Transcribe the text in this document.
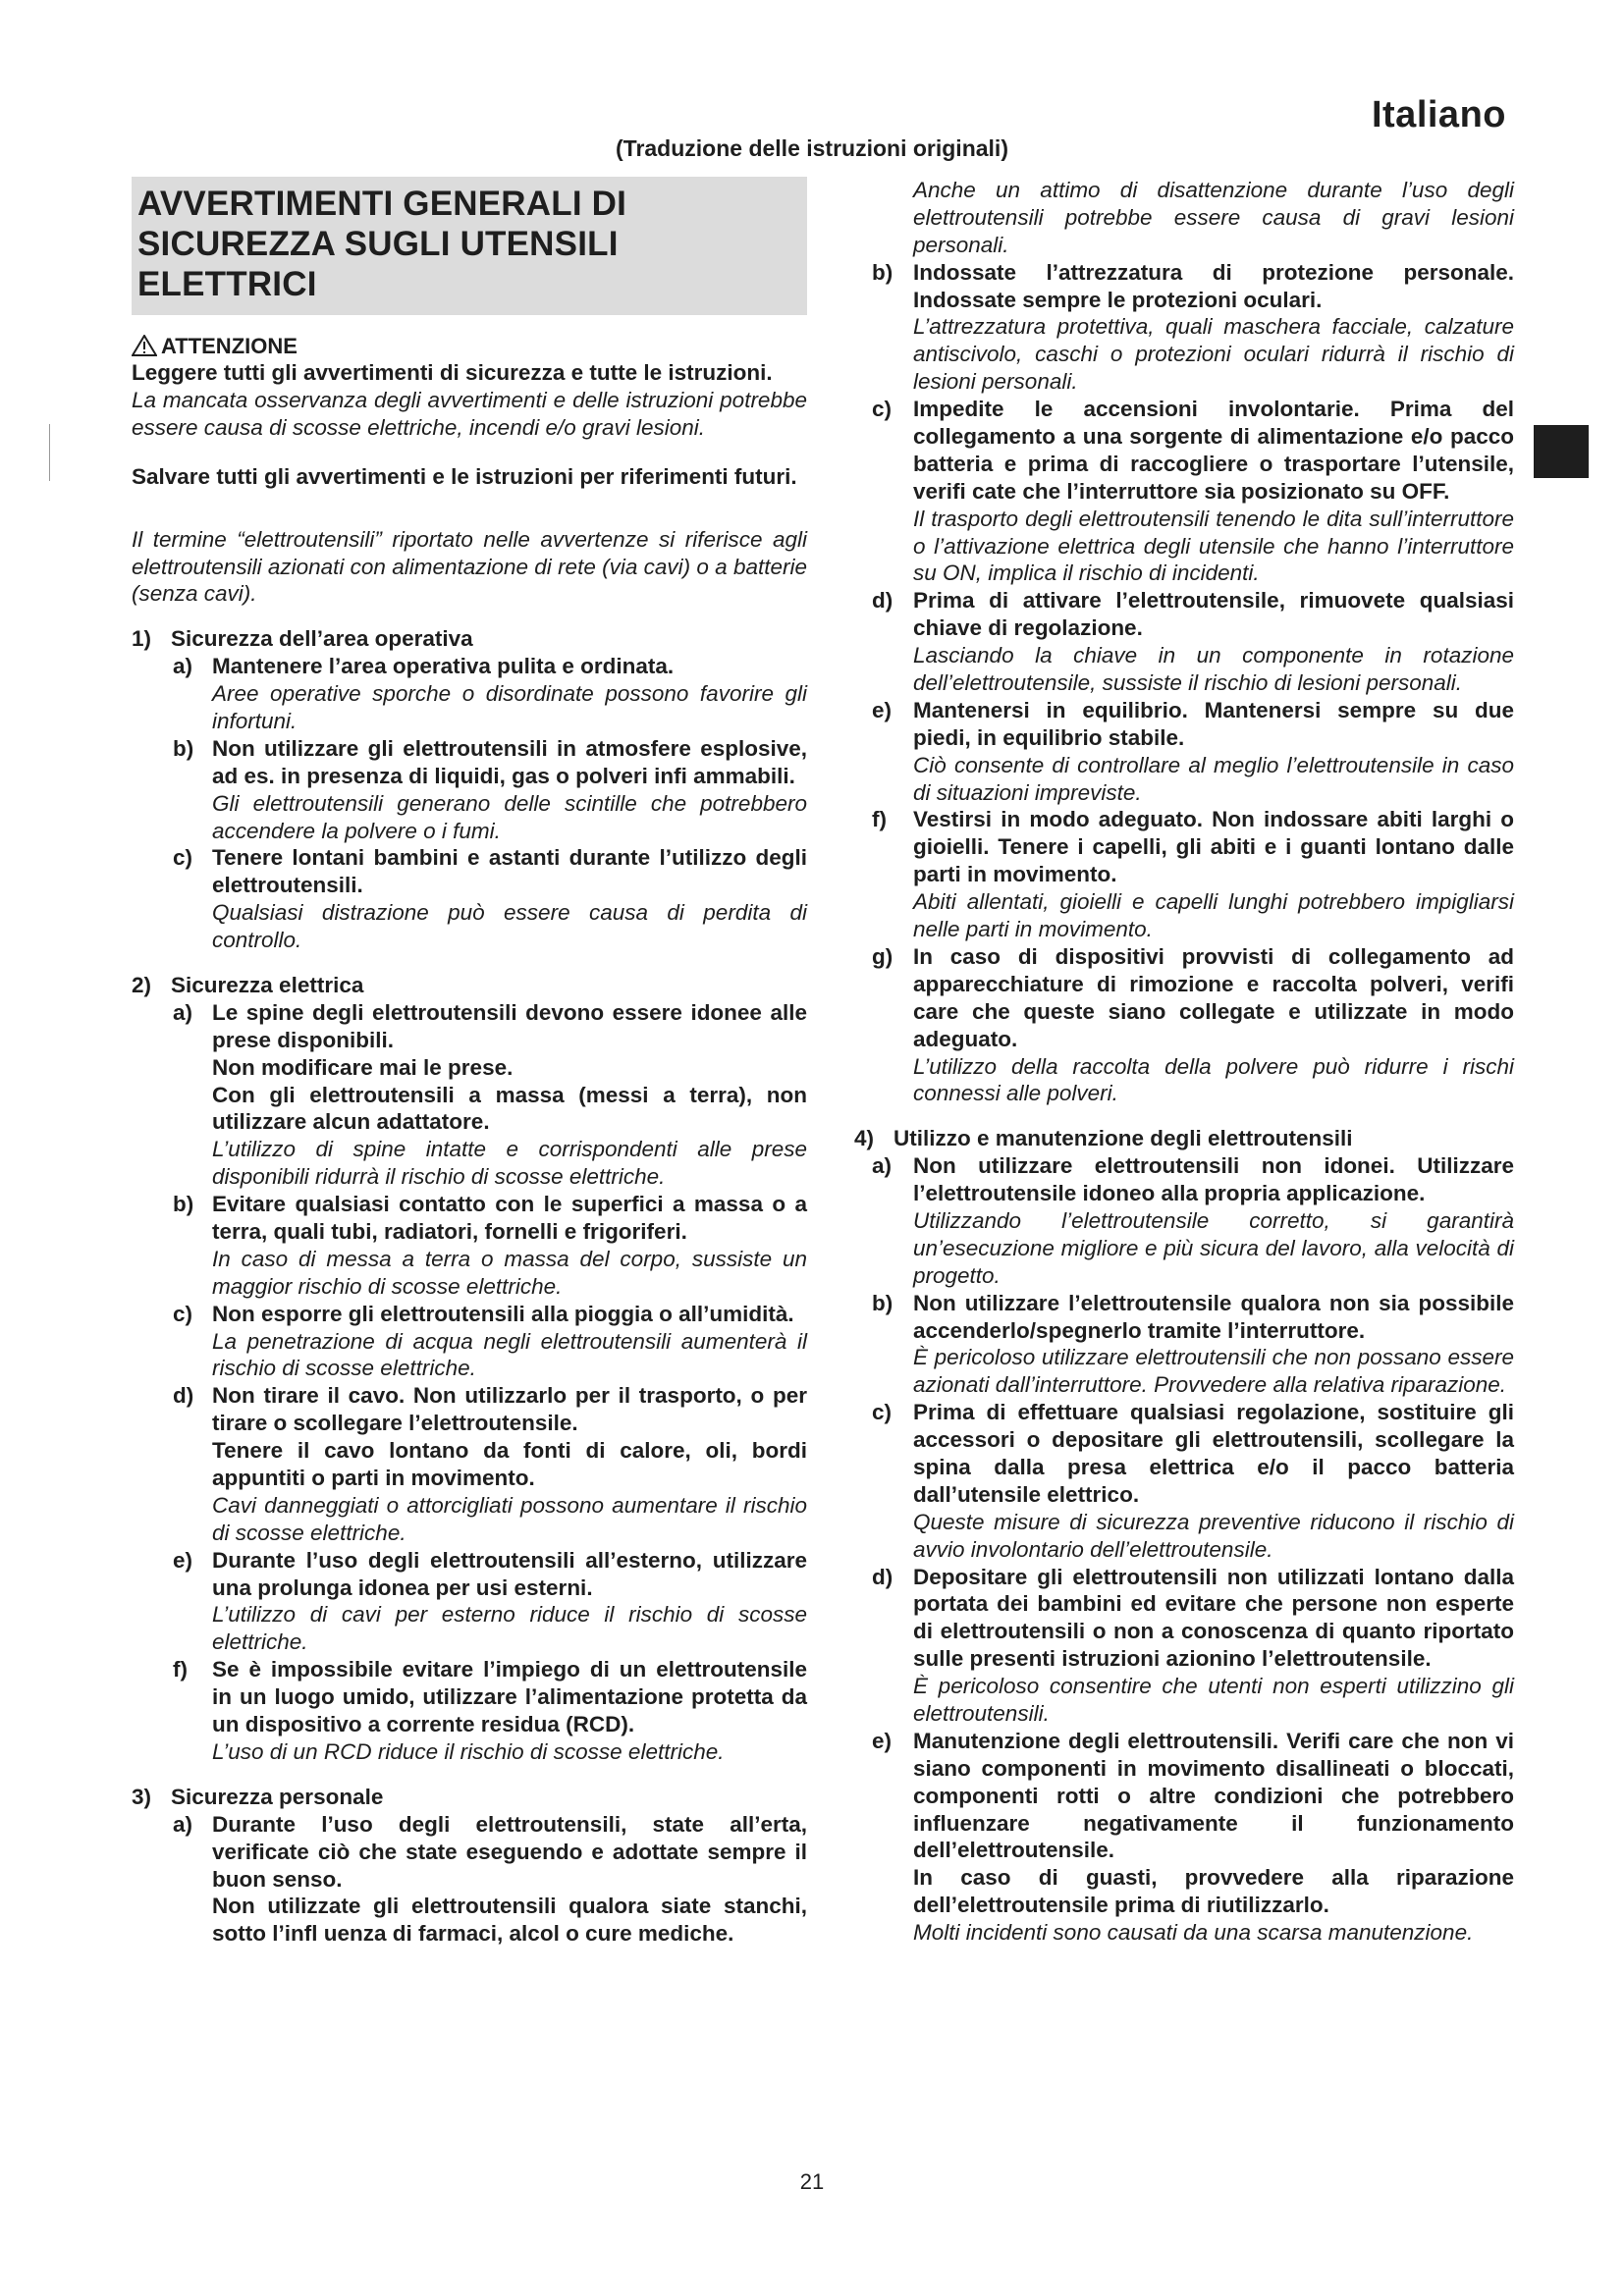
Italiano
(Traduzione delle istruzioni originali)
AVVERTIMENTI GENERALI DI SICUREZZA SUGLI UTENSILI ELETTRICI
ATTENZIONE

Leggere tutti gli avvertimenti di sicurezza e tutte le istruzioni.

La mancata osservanza degli avvertimenti e delle istruzioni potrebbe essere causa di scosse elettriche, incendi e/o gravi lesioni.

Salvare tutti gli avvertimenti e le istruzioni per riferimenti futuri.

Il termine “elettroutensili” riportato nelle avvertenze si riferisce agli elettroutensili azionati con alimentazione di rete (via cavi) o a batterie (senza cavi).

1) Sicurezza dell’area operativa
a) Mantenere l’area operativa pulita e ordinata.

Aree operative sporche o disordinate possono favorire gli infortuni.

b) Non utilizzare gli elettroutensili in atmosfere esplosive, ad es. in presenza di liquidi, gas o polveri infi ammabili.

Gli elettroutensili generano delle scintille che potrebbero accendere la polvere o i fumi.

c) Tenere lontani bambini e astanti durante l’utilizzo degli elettroutensili.

Qualsiasi distrazione può essere causa di perdita di controllo.

2) Sicurezza elettrica
a) Le spine degli elettroutensili devono essere idonee alle prese disponibili.

Non modificare mai le prese.

Con gli elettroutensili a massa (messi a terra), non utilizzare alcun adattatore.

L’utilizzo di spine intatte e corrispondenti alle prese disponibili ridurrà il rischio di scosse elettriche.

b) Evitare qualsiasi contatto con le superfici a massa o a terra, quali tubi, radiatori, fornelli e frigoriferi.

In caso di messa a terra o massa del corpo, sussiste un maggior rischio di scosse elettriche.

c) Non esporre gli elettroutensili alla pioggia o all’umidità.

La penetrazione di acqua negli elettroutensili aumenterà il rischio di scosse elettriche.

d) Non tirare il cavo. Non utilizzarlo per il trasporto, o per tirare o scollegare l’elettroutensile.

Tenere il cavo lontano da fonti di calore, oli, bordi appuntiti o parti in movimento.

Cavi danneggiati o attorcigliati possono aumentare il rischio di scosse elettriche.

e) Durante l’uso degli elettroutensili all’esterno, utilizzare una prolunga idonea per usi esterni.

L’utilizzo di cavi per esterno riduce il rischio di scosse elettriche.

f)	Se è impossibile evitare l’impiego di un elettroutensile in un luogo umido, utilizzare l’alimentazione protetta da un dispositivo a corrente residua (RCD).

L’uso di un RCD riduce il rischio di scosse elettriche.

3) Sicurezza personale
a) Durante l’uso degli elettroutensili, state all’erta, verificate ciò che state eseguendo e adottate sempre il buon senso.

Non utilizzate gli elettroutensili qualora siate stanchi, sotto l’infl uenza di farmaci, alcol o cure mediche.

Anche un attimo di disattenzione durante l’uso degli elettroutensili potrebbe essere causa di gravi lesioni personali.

b) Indossate l’attrezzatura di protezione personale. Indossate sempre le protezioni oculari.

L’attrezzatura protettiva, quali maschera facciale, calzature antiscivolo, caschi o protezioni oculari ridurrà il rischio di lesioni personali.

c) Impedite le accensioni involontarie. Prima del collegamento a una sorgente di alimentazione e/o pacco batteria e prima di raccogliere o trasportare l’utensile, verifi cate che l’interruttore sia posizionato su OFF.

Il trasporto degli elettroutensili tenendo le dita sull’interruttore o l’attivazione elettrica degli utensile che hanno l’interruttore su ON, implica il rischio di incidenti.

d) Prima di attivare l’elettroutensile, rimuovete qualsiasi chiave di regolazione.

Lasciando la chiave in un componente in rotazione dell’elettroutensile, sussiste il rischio di lesioni personali.

e) Mantenersi in equilibrio. Mantenersi sempre su due piedi, in equilibrio stabile.

Ciò consente di controllare al meglio l’elettroutensile in caso di situazioni impreviste.

f)	Vestirsi in modo adeguato. Non indossare abiti larghi o gioielli. Tenere i capelli, gli abiti e i guanti lontano dalle parti in movimento.

Abiti allentati, gioielli e capelli lunghi potrebbero impigliarsi nelle parti in movimento.

g) In caso di dispositivi provvisti di collegamento ad apparecchiature di rimozione e raccolta polveri, verifi care che queste siano collegate e utilizzate in modo adeguato.

L’utilizzo della raccolta della polvere può ridurre i rischi connessi alle polveri.

4) Utilizzo e manutenzione degli elettroutensili
a) Non utilizzare elettroutensili non idonei. Utilizzare l’elettroutensile idoneo alla propria applicazione.

Utilizzando l’elettroutensile corretto, si garantirà un’esecuzione migliore e più sicura del lavoro, alla velocità di progetto.

b) Non utilizzare l’elettroutensile qualora non sia possibile accenderlo/spegnerlo tramite l’interruttore.

È pericoloso utilizzare elettroutensili che non possano essere azionati dall’interruttore. Provvedere alla relativa riparazione.

c) Prima di effettuare qualsiasi regolazione, sostituire gli accessori o depositare gli elettroutensili, scollegare la spina dalla presa elettrica e/o il pacco batteria dall’utensile elettrico.

Queste misure di sicurezza preventive riducono il rischio di avvio involontario dell’elettroutensile.

d) Depositare gli elettroutensili non utilizzati lontano dalla portata dei bambini ed evitare che persone non esperte di elettroutensili o non a conoscenza di quanto riportato sulle presenti istruzioni azionino l’elettroutensile.

È pericoloso consentire che utenti non esperti utilizzino gli elettroutensili.

e) Manutenzione degli elettroutensili. Verifi care che non vi siano componenti in movimento disallineati o bloccati, componenti rotti o altre condizioni che potrebbero influenzare negativamente il funzionamento dell’elettroutensile.

In caso di guasti, provvedere alla riparazione dell’elettroutensile prima di riutilizzarlo.

Molti incidenti sono causati da una scarsa manutenzione.

21
